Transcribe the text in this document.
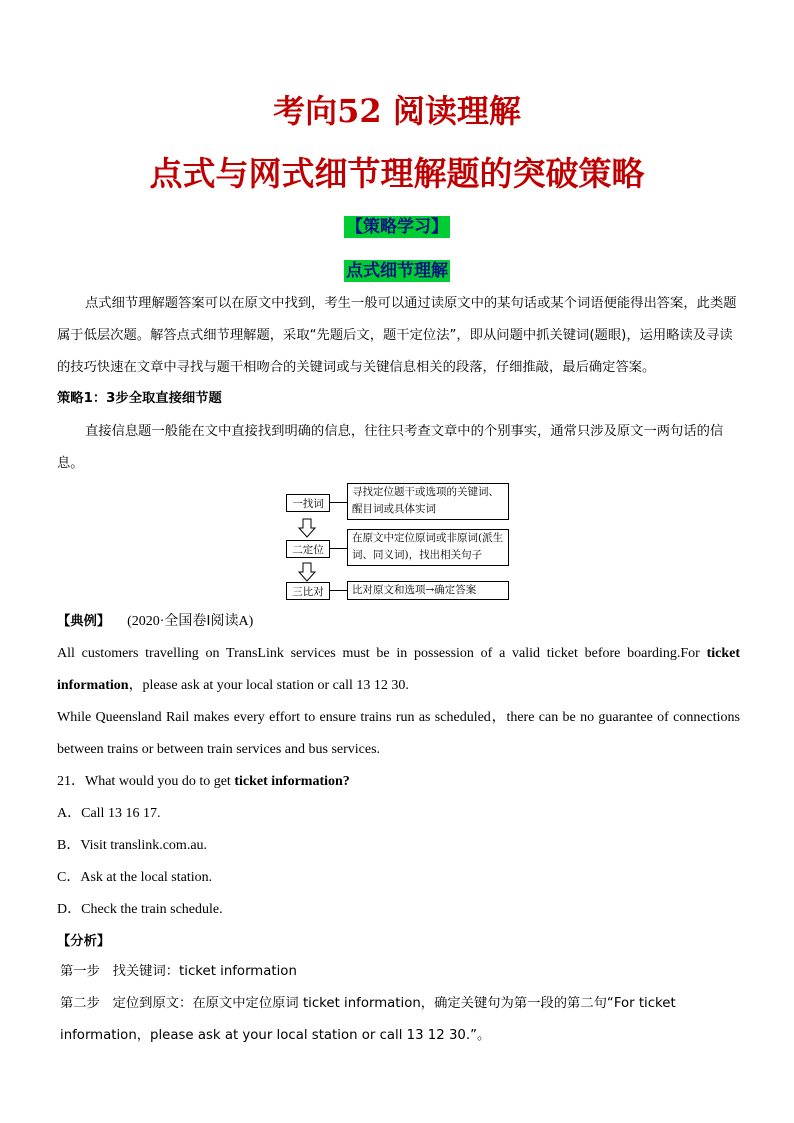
考向52 阅读理解
点式与网式细节理解题的突破策略
【策略学习】
点式细节理解
点式细节理解题答案可以在原文中找到，考生一般可以通过读原文中的某句话或某个词语便能得出答案，此类题属于低层次题。解答点式细节理解题，采取“先题后文，题干定位法”，即从问题中抓关键词(题眼)，运用略读及寻读的技巧快速在文章中寻找与题干相吻合的关键词或与关键信息相关的段落，仔细推敲，最后确定答案。
策略1：3步全取直接细节题
直接信息题一般能在文中直接找到明确的信息，往往只考查文章中的个别事实，通常只涉及原文一两句话的信息。
一找词
寻找定位题干或选项的关键词、醒目词或具体实词
二定位
在原文中定位原词或非原词(派生词、同义词)，找出相关句子
三比对	比对原文和选项→确定答案
【典例】 (2020·全国卷Ⅰ阅读A)
All customers travelling on TransLink services must be in possession of a valid ticket before boarding.For ticket information，please ask at your local station or call 13 12 30.
While Queensland Rail makes every effort to ensure trains run as scheduled，there can be no guarantee of connections between trains or between train services and bus services.
21．What would you do to get ticket information?
A．Call 13 16 17.
B．Visit translink.com.au.
C．Ask at the local station.
D．Check the train schedule.
【分析】
第一步 找关键词：ticket information
第二步 定位到原文：在原文中定位原词 ticket information，确定关键句为第一段的第二句“For ticket information，please ask at your local station or call 13 12 30.”。
